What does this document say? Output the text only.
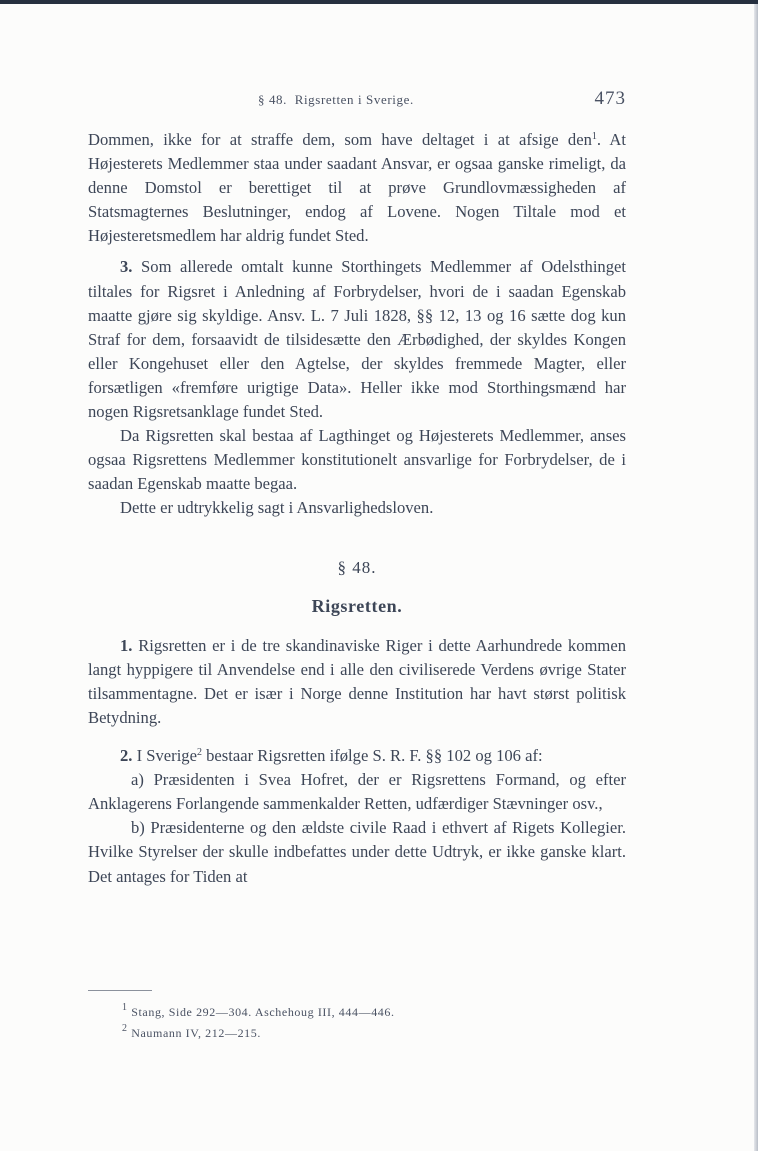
§ 48. Rigsretten i Sverige.	473

Dommen, ikke for at straffe dem, som have deltaget i at afsige den$^1$. At Højesterets Medlemmer staa under saadant Ansvar, er ogsaa ganske rimeligt, da denne Domstol er berettiget til at prøve Grundlovmæssigheden af Statsmagternes Beslutninger, endog af Lovene. Nogen Tiltale mod et Højesteretsmedlem har aldrig fundet Sted.

3. Som allerede omtalt kunne Storthingets Medlemmer af Odelsthinget tiltales for Rigsret i Anledning af Forbrydelser, hvori de i saadan Egenskab maatte gjøre sig skyldige. Ansv. L. 7 Juli 1828, §§ 12, 13 og 16 sætte dog kun Straf for dem, forsaavidt de tilsidesætte den Ærbødighed, der skyldes Kongen eller Kongehuset eller den Agtelse, der skyldes fremmede Magter, eller forsætligen «fremføre urigtige Data». Heller ikke mod Storthingsmænd har nogen Rigsretsanklage fundet Sted.

Da Rigsretten skal bestaa af Lagthinget og Højesterets Medlemmer, anses ogsaa Rigsrettens Medlemmer konstitutionelt ansvarlige for Forbrydelser, de i saadan Egenskab maatte begaa.

Dette er udtrykkelig sagt i Ansvarlighedsloven.

§ 48.

Rigsretten.

1. Rigsretten er i de tre skandinaviske Riger i dette Aarhundrede kommen langt hyppigere til Anvendelse end i alle den civiliserede Verdens øvrige Stater tilsammentagne. Det er især i Norge denne Institution har havt størst politisk Betydning.

2. I Sverige$^2$ bestaar Rigsretten ifølge S. R. F. §§ 102 og 106 af:

a) Præsidenten i Svea Hofret, der er Rigsrettens Formand, og efter Anklagerens Forlangende sammenkalder Retten, udfærdiger Stævninger osv.,

b) Præsidenterne og den ældste civile Raad i ethvert af Rigets Kollegier. Hvilke Styrelser der skulle indbefattes under dette Udtryk, er ikke ganske klart. Det antages for Tiden at

$^1$ Stang, Side 292—304. Aschehoug III, 444—446.
$^2$ Naumann IV, 212—215.
